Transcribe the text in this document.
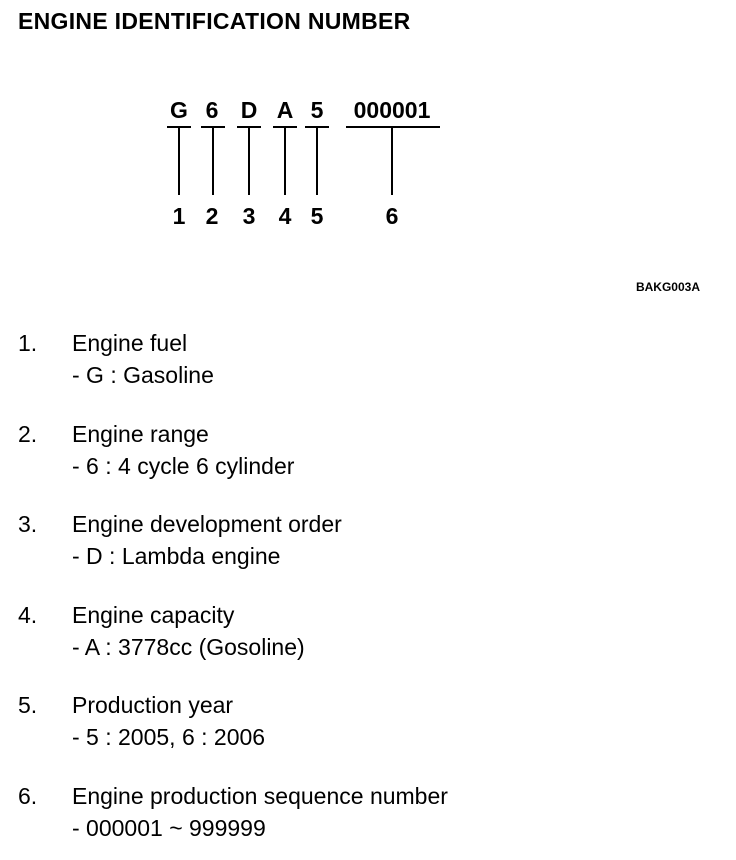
ENGINE IDENTIFICATION NUMBER
G 6 D A 5	000001
1 2	3	4 5	6
BAKG003A
1. Engine fuel
- G : Gasoline
2. Engine range
- 6 : 4 cycle 6 cylinder
3. Engine development order
- D : Lambda engine
4. Engine capacity
- A : 3778cc (Gosoline)
5. Production year
- 5 : 2005, 6 : 2006
6. Engine production sequence number
- 000001 ~ 999999
